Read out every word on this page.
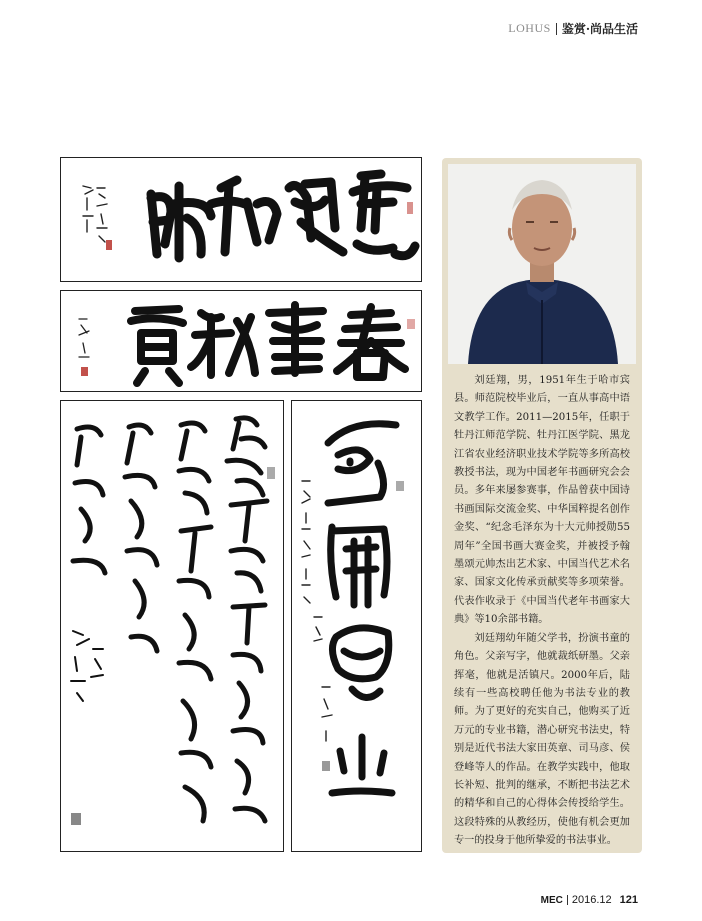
LOHUS 鉴赏·尚品生活

刘廷翔，男，1951年生于哈市宾县。师范院校毕业后，一直从事高中语文教学工作。2011—2015年，任职于牡丹江师范学院、牡丹江医学院、黑龙江省农业经济职业技术学院等多所高校教授书法，现为中国老年书画研究会会员。多年来屡参赛事，作品曾获中国诗书画国际交流金奖、中华国粹提名创作金奖、“纪念毛泽东为十大元帅授勋55周年”全国书画大赛金奖，并被授予翰墨颂元帅杰出艺术家、中国当代艺术名家、国家文化传承贡献奖等多项荣誉。代表作收录于《中国当代老年书画家大典》等10余部书籍。

刘廷翔幼年随父学书，扮演书童的角色。父亲写字，他就裁纸研墨。父亲挥毫，他就是活镇尺。2000年后，陆续有一些高校聘任他为书法专业的教师。为了更好的充实自己，他购买了近万元的专业书籍，潜心研究书法史，特别是近代书法大家田英章、司马彦、侯登峰等人的作品。在教学实践中，他取长补短、批判的继承，不断把书法艺术的精华和自己的心得体会传授给学生。这段特殊的从教经历，使他有机会更加专一的投身于他所挚爱的书法事业。

MEC 2016.12 121
